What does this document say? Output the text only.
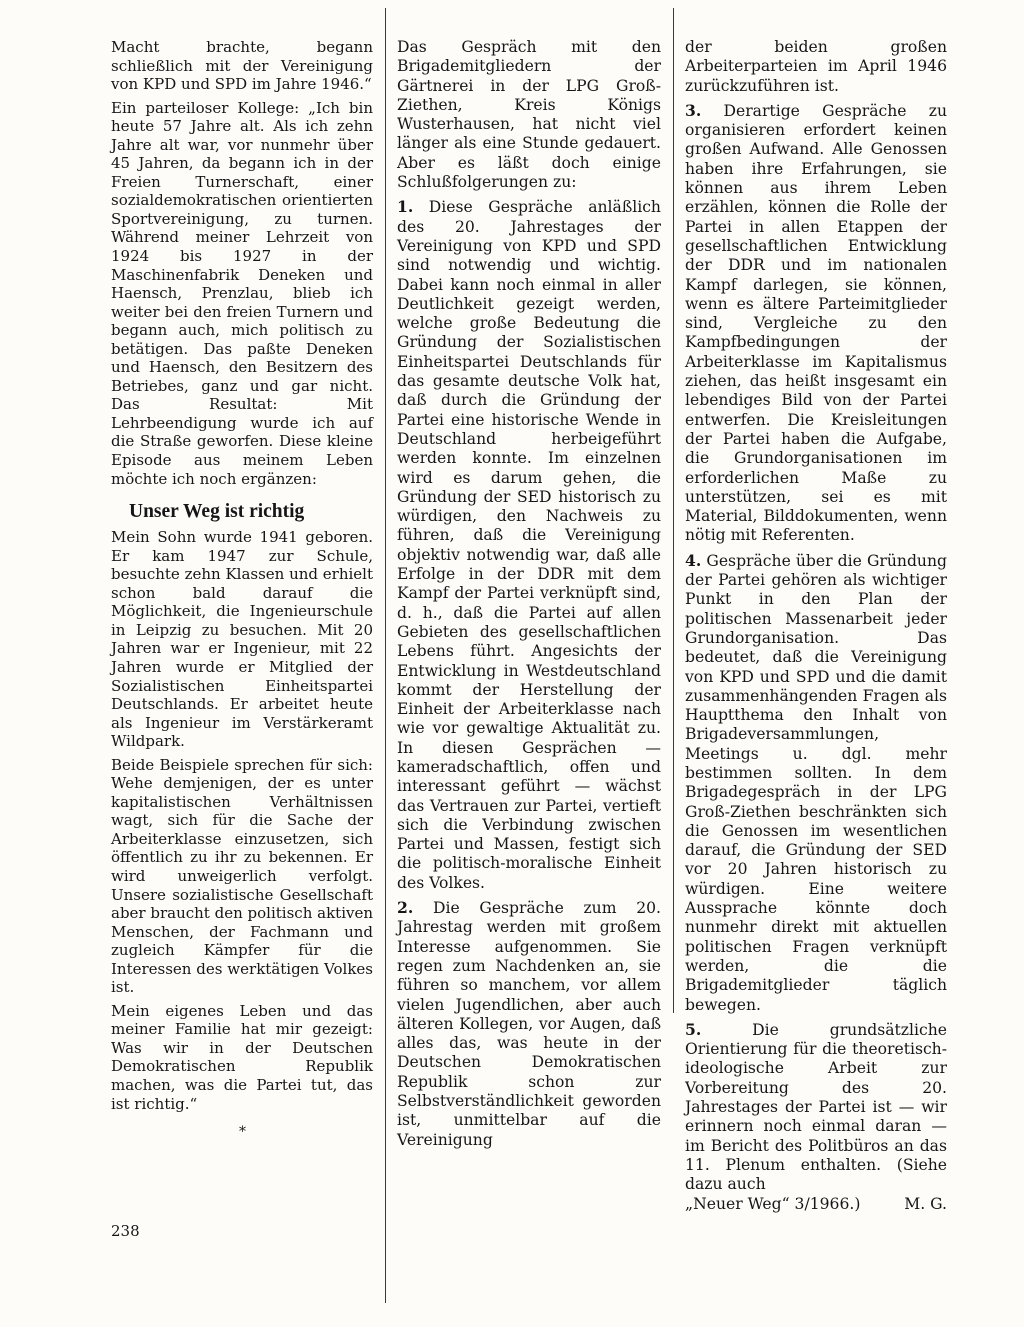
Macht brachte, begann schließlich mit der Vereinigung von KPD und SPD im Jahre 1946.“

Ein parteiloser Kollege: „Ich bin heute 57 Jahre alt. Als ich zehn Jahre alt war, vor nunmehr über 45 Jahren, da begann ich in der Freien Turnerschaft, einer sozialdemokratischen orientierten Sportvereinigung, zu turnen. Während meiner Lehrzeit von 1924 bis 1927 in der Maschinenfabrik Deneken und Haensch, Prenzlau, blieb ich weiter bei den freien Turnern und begann auch, mich politisch zu betätigen. Das paßte Deneken und Haensch, den Besitzern des Betriebes, ganz und gar nicht. Das Resultat: Mit Lehrbeendigung wurde ich auf die Straße geworfen. Diese kleine Episode aus meinem Leben möchte ich noch ergänzen:

Unser Weg ist richtig

Mein Sohn wurde 1941 geboren. Er kam 1947 zur Schule, besuchte zehn Klassen und erhielt schon bald darauf die Möglichkeit, die Ingenieurschule in Leipzig zu besuchen. Mit 20 Jahren war er Ingenieur, mit 22 Jahren wurde er Mitglied der Sozialistischen Einheitspartei Deutschlands. Er arbeitet heute als Ingenieur im Verstärkeramt Wildpark.

Beide Beispiele sprechen für sich: Wehe demjenigen, der es unter kapitalistischen Verhältnissen wagt, sich für die Sache der Arbeiterklasse einzusetzen, sich öffentlich zu ihr zu bekennen. Er wird unweigerlich verfolgt. Unsere sozialistische Gesellschaft aber braucht den politisch aktiven Menschen, der Fachmann und zugleich Kämpfer für die Interessen des werktätigen Volkes ist.

Mein eigenes Leben und das meiner Familie hat mir gezeigt: Was wir in der Deutschen Demokratischen Republik machen, was die Partei tut, das ist richtig.“

*

Das Gespräch mit den Brigademitgliedern der Gärtnerei in der LPG Groß-Ziethen, Kreis Königs Wusterhausen, hat nicht viel länger als eine Stunde gedauert. Aber es läßt doch einige Schlußfolgerungen zu:

1. Diese Gespräche anläßlich des 20. Jahrestages der Vereinigung von KPD und SPD sind notwendig und wichtig. Dabei kann noch einmal in aller Deutlichkeit gezeigt werden, welche große Bedeutung die Gründung der Sozialistischen Einheitspartei Deutschlands für das gesamte deutsche Volk hat, daß durch die Gründung der Partei eine historische Wende in Deutschland herbeigeführt werden konnte. Im einzelnen wird es darum gehen, die Gründung der SED historisch zu würdigen, den Nachweis zu führen, daß die Vereinigung objektiv notwendig war, daß alle Erfolge in der DDR mit dem Kampf der Partei verknüpft sind, d. h., daß die Partei auf allen Gebieten des gesellschaftlichen Lebens führt. Angesichts der Entwicklung in Westdeutschland kommt der Herstellung der Einheit der Arbeiterklasse nach wie vor gewaltige Aktualität zu. In diesen Gesprächen — kameradschaftlich, offen und interessant geführt — wächst das Vertrauen zur Partei, vertieft sich die Verbindung zwischen Partei und Massen, festigt sich die politisch-moralische Einheit des Volkes.

2. Die Gespräche zum 20. Jahrestag werden mit großem Interesse aufgenommen. Sie regen zum Nachdenken an, sie führen so manchem, vor allem vielen Jugendlichen, aber auch älteren Kollegen, vor Augen, daß alles das, was heute in der Deutschen Demokratischen Republik schon zur Selbstverständlichkeit geworden ist, unmittelbar auf die Vereinigung

der beiden großen Arbeiterparteien im April 1946 zurückzuführen ist.

3. Derartige Gespräche zu organisieren erfordert keinen großen Aufwand. Alle Genossen haben ihre Erfahrungen, sie können aus ihrem Leben erzählen, können die Rolle der Partei in allen Etappen der gesellschaftlichen Entwicklung der DDR und im nationalen Kampf darlegen, sie können, wenn es ältere Parteimitglieder sind, Vergleiche zu den Kampfbedingungen der Arbeiterklasse im Kapitalismus ziehen, das heißt insgesamt ein lebendiges Bild von der Partei entwerfen. Die Kreisleitungen der Partei haben die Aufgabe, die Grundorganisationen im erforderlichen Maße zu unterstützen, sei es mit Material, Bilddokumenten, wenn nötig mit Referenten.

4. Gespräche über die Gründung der Partei gehören als wichtiger Punkt in den Plan der politischen Massenarbeit jeder Grundorganisation. Das bedeutet, daß die Vereinigung von KPD und SPD und die damit zusammenhängenden Fragen als Hauptthema den Inhalt von Brigadeversammlungen, Meetings u. dgl. mehr bestimmen sollten. In dem Brigadegespräch in der LPG Groß-Ziethen beschränkten sich die Genossen im wesentlichen darauf, die Gründung der SED vor 20 Jahren historisch zu würdigen. Eine weitere Aussprache könnte doch nunmehr direkt mit aktuellen politischen Fragen verknüpft werden, die die Brigademitglieder täglich bewegen.

5.	Die grundsätzliche Orientierung für die theoretisch-ideologische Arbeit zur Vorbereitung des 20. Jahrestages der Partei ist — wir erinnern noch einmal daran — im Bericht des Politbüros an das 11. Plenum enthalten. (Siehe dazu auch

„Neuer Weg“ 3/1966.)	M. G.
238
